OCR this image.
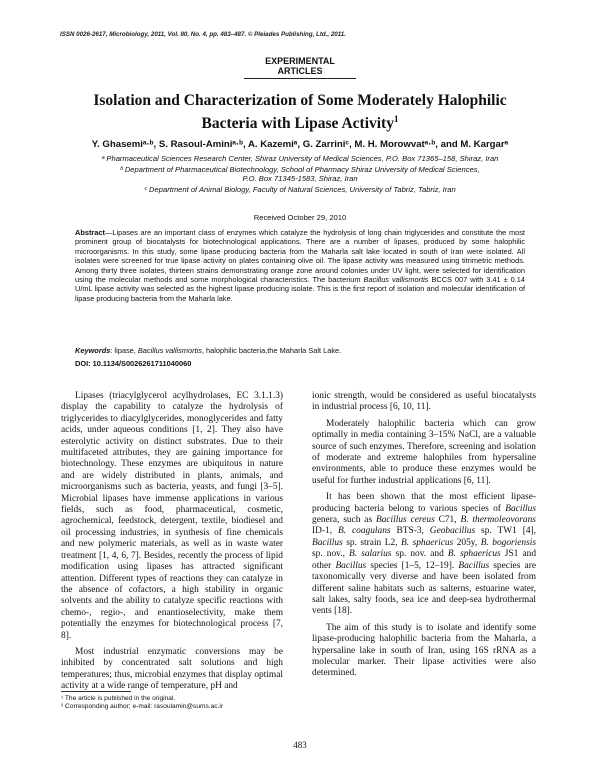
ISSN 0026-2617, Microbiology, 2011, Vol. 80, No. 4, pp. 483–487. © Pleiades Publishing, Ltd., 2011.
EXPERIMENTAL
ARTICLES
Isolation and Characterization of Some Moderately Halophilic
Bacteria with Lipase Activity$^1$
Y. Ghasemiᵃ·ᵇ, S. Rasoul-Aminiᵃ·ᵇ, A. Kazemiᵃ, G. Zarriniᶜ, M. H. Morowvatᵃ·ᵇ, and M. Kargarᵃ

ᵃ Pharmaceutical Sciences Research Center, Shiraz University of Medical Sciences, P.O. Box 71365–158, Shiraz, Iran

ᵇ Department of Pharmaceutical Biotechnology, School of Pharmacy Shiraz University of Medical Sciences,
P.O. Box 71345-1583, Shiraz, Iran

ᶜ Department of Animal Biology, Faculty of Natural Sciences, University of Tabriz, Tabriz, Iran

Received October 29, 2010
Abstract—Lipases are an important class of enzymes which catalyze the hydrolysis of long chain triglycerides and constitute the most prominent group of biocatalysts for biotechnological applications. There are a number of lipases, produced by some halophilic microorganisms. In this study, some lipase producing bacteria from the Maharla salt lake located in south of Iran were isolated. All isolates were screened for true lipase activity on plates containing olive oil. The lipase activity was measured using titrimetric methods. Among thirty three isolates, thirteen strains demonstrating orange zone around colonies under UV light, were selected for identification using the molecular methods and some morphological characteristics. The bacterium Bacillus vallismortis BCCS 007 with 3.41 ± 0.14 U/mL lipase activity was selected as the highest lipase producing isolate. This is the first report of isolation and molecular identification of lipase producing bacteria from the Maharla lake.
Keywords: lipase, Bacillus vallismortis, halophilic bacteria,the Maharla Salt Lake.
DOI: 10.1134/S0026261711040060

Lipases (triacylglycerol acylhydrolases, EC 3.1.1.3) display the capability to catalyze the hydrolysis of triglycerides to diacylglycerides, monoglycerides and fatty acids, under aqueous conditions [1, 2]. They also have esterolytic activity on distinct substrates. Due to their multifaceted attributes, they are gaining importance for biotechnology. These enzymes are ubiquitous in nature and are widely distributed in plants, animals, and microorganisms such as bacteria, yeasts, and fungi [3–5]. Microbial lipases have immense applications in various fields, such as food, pharmaceutical, cosmetic, agrochemical, feedstock, detergent, textile, biodiesel and oil processing industries, in synthesis of fine chemicals and new polymeric materials, as well as in waste water treatment [1, 4, 6, 7]. Besides, recently the process of lipid modification using lipases has attracted significant attention. Different types of reactions they can catalyze in the absence of cofactors, a high stability in organic solvents and the ability to catalyze specific reactions with chemo-, regio-, and enantioselectivity, make them potentially the enzymes for biotechnological process [7, 8].

Most industrial enzymatic conversions may be inhibited by concentrated salt solutions and high temperatures; thus, microbial enzymes that display optimal activity at a wide range of temperature, pH and

ionic strength, would be considered as useful biocatalysts in industrial process [6, 10, 11].

Moderately halophilic bacteria which can grow optimally in media containing 3–15% NaCl, are a valuable source of such enzymes. Therefore, screening and isolation of moderate and extreme halophiles from hypersaline environments, able to produce these enzymes would be useful for further industrial applications [6, 11].

It has been shown that the most efficient lipase-producing bacteria belong to various species of Bacillus genera, such as Bacillus cereus C71, B. thermoleovorans ID-1, B. coagulans BTS-3, Geobacillus sp. TW1 [4], Bacillus sp. strain L2, B. sphaericus 205y, B. bogoriensis sp. nov., B. salarius sp. nov. and B. sphaericus JS1 and other Bacillus species [1–5, 12–19]. Bacillus species are taxonomically very diverse and have been isolated from different saline habitats such as salterns, estuarine water, salt lakes, salty foods, sea ice and deep-sea hydrothermal vents [18].

The aim of this study is to isolate and identify some lipase-producing halophilic bacteria from the Maharla, a hypersaline lake in south of Iran, using 16S rRNA as a molecular marker. Their lipase activities were also determined.

¹ The article is published in the original.
² Corresponding author; e-mail: rasoulamin@sums.ac.ir
483
